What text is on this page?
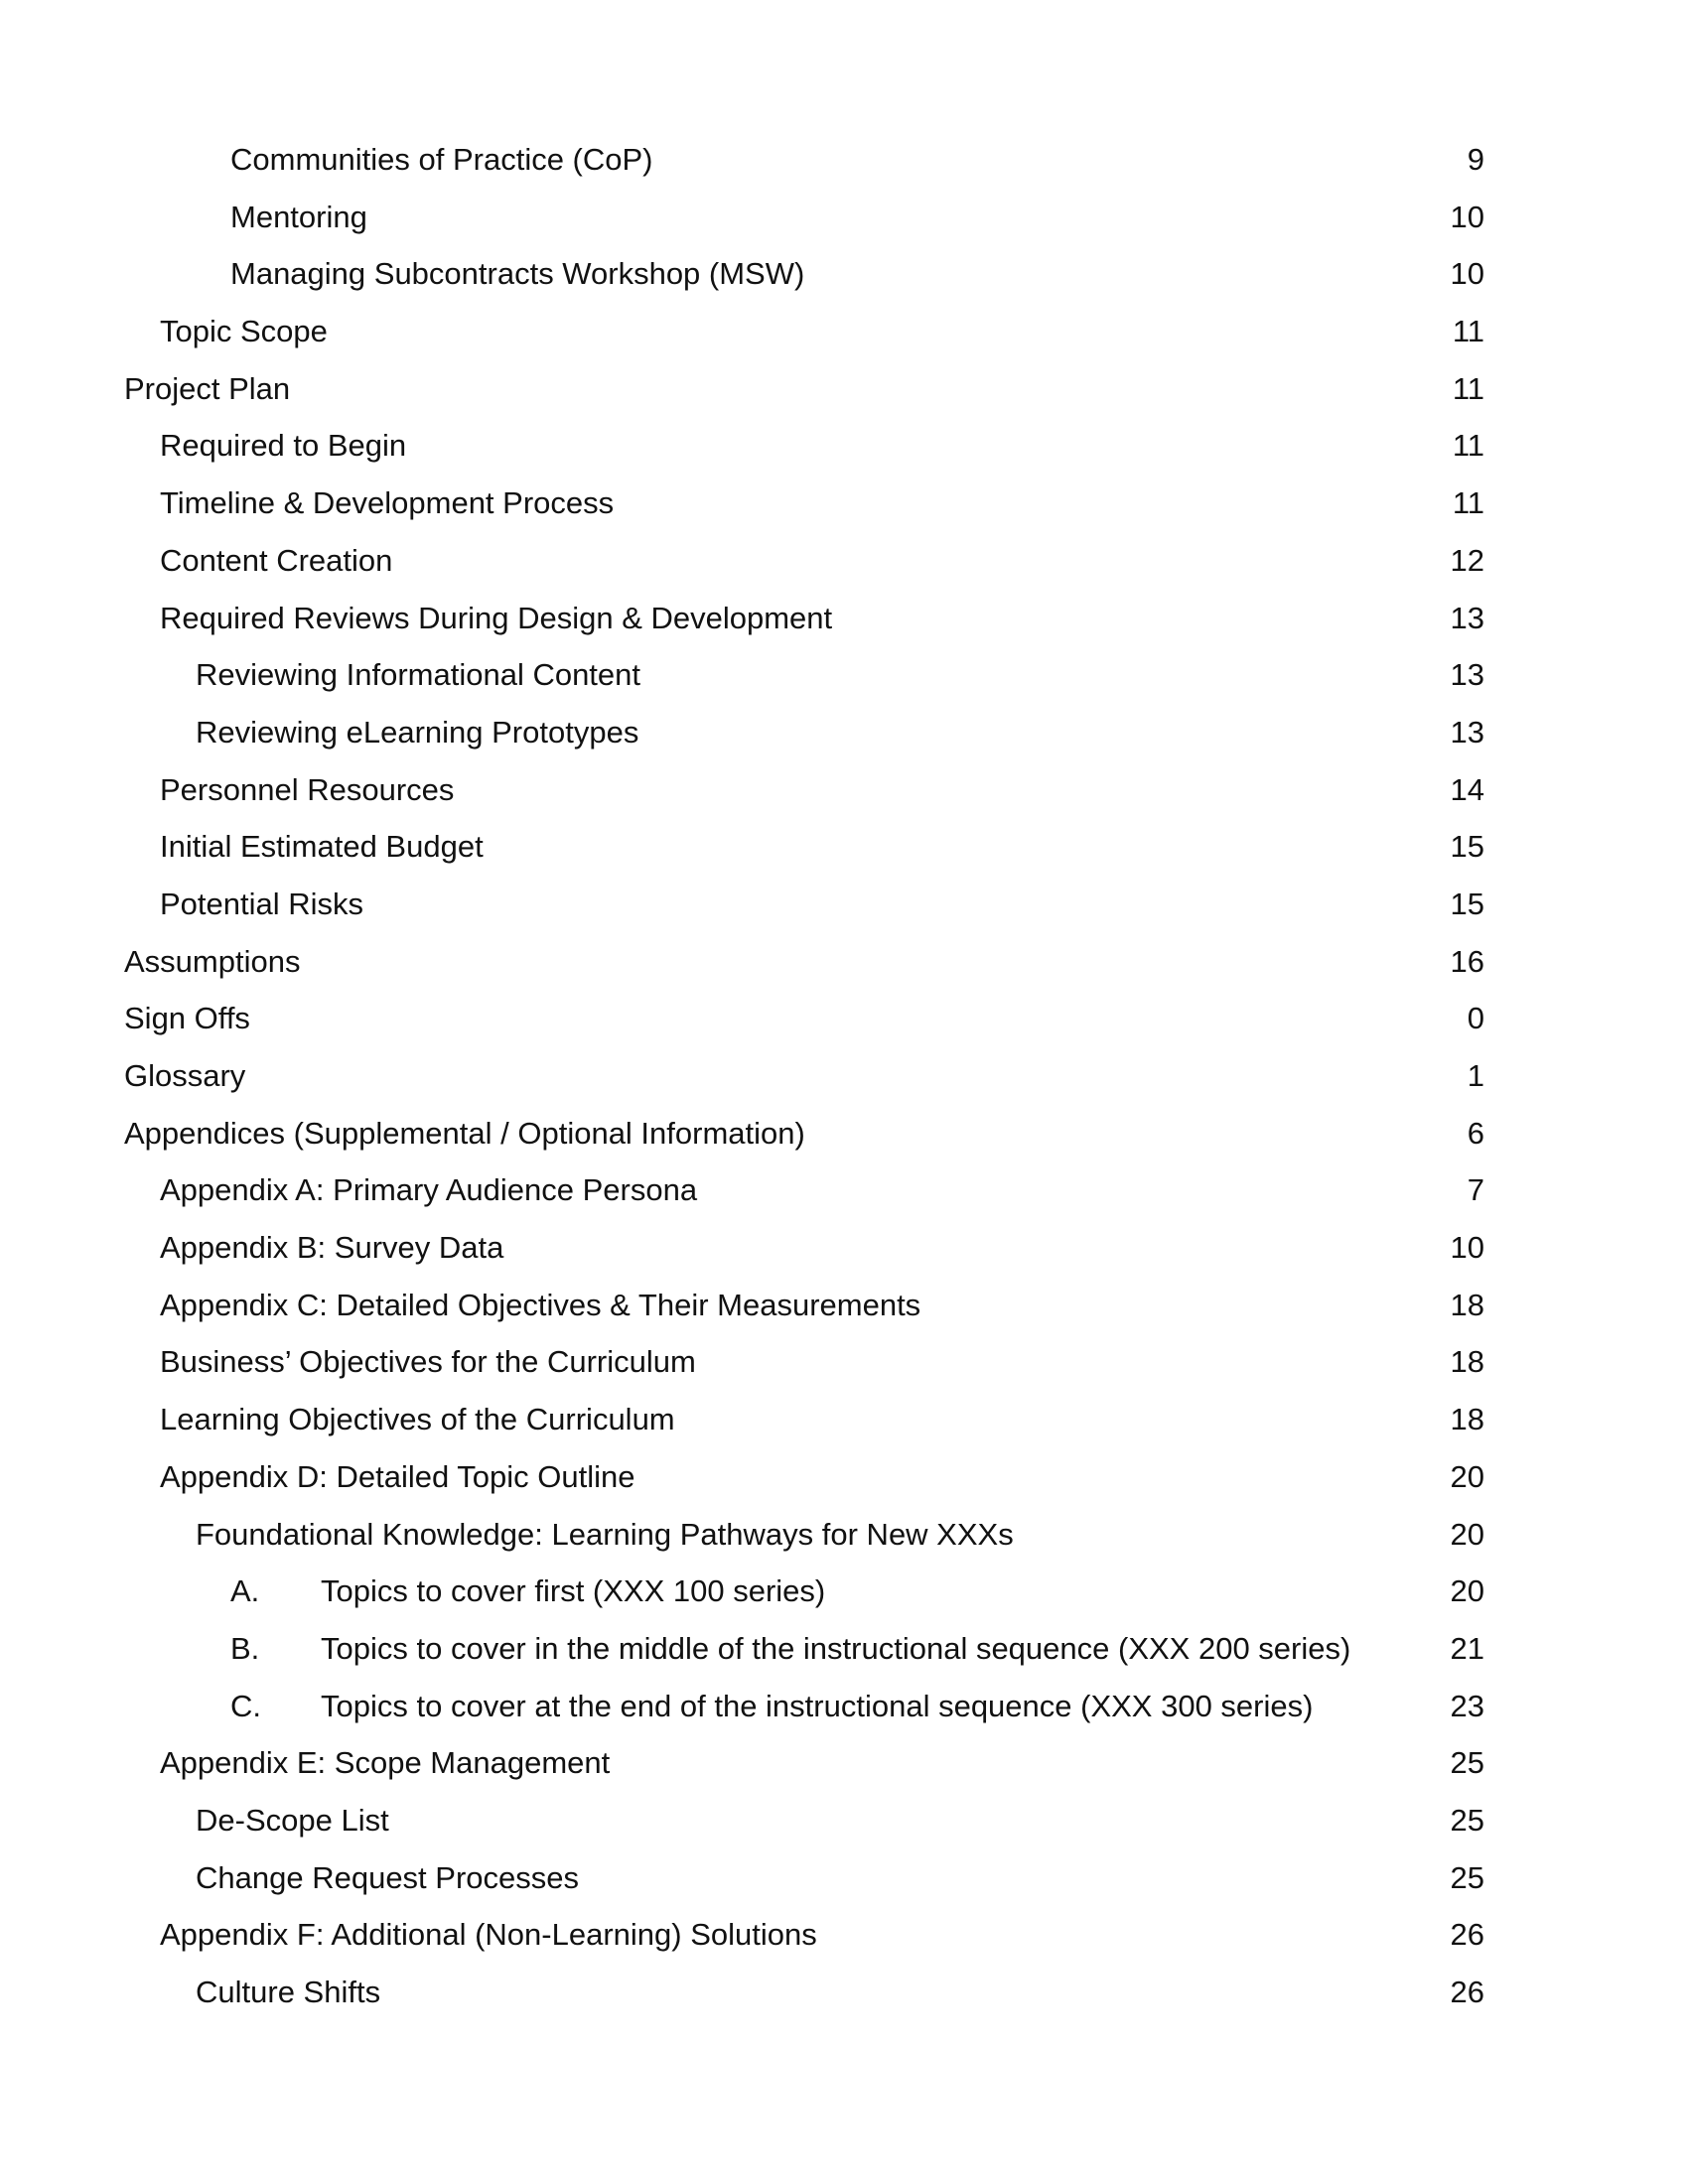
Communities of Practice (CoP)	9
Mentoring	10
Managing Subcontracts Workshop (MSW)	10
Topic Scope	11
Project Plan	11
Required to Begin	11
Timeline & Development Process	11
Content Creation	12
Required Reviews During Design & Development	13
Reviewing Informational Content	13
Reviewing eLearning Prototypes	13
Personnel Resources	14
Initial Estimated Budget	15
Potential Risks	15
Assumptions	16
Sign Offs	0
Glossary	1
Appendices (Supplemental / Optional Information)	6
Appendix A: Primary Audience Persona	7
Appendix B: Survey Data	10
Appendix C: Detailed Objectives & Their Measurements	18
Business’ Objectives for the Curriculum	18
Learning Objectives of the Curriculum	18
Appendix D: Detailed Topic Outline	20
Foundational Knowledge: Learning Pathways for New XXXs	20
A. Topics to cover first (XXX 100 series)	20
B. Topics to cover in the middle of the instructional sequence (XXX 200 series)	21
C. Topics to cover at the end of the instructional sequence (XXX 300 series)	23
Appendix E: Scope Management	25
De-Scope List	25
Change Request Processes	25
Appendix F: Additional (Non-Learning) Solutions	26
Culture Shifts	26
